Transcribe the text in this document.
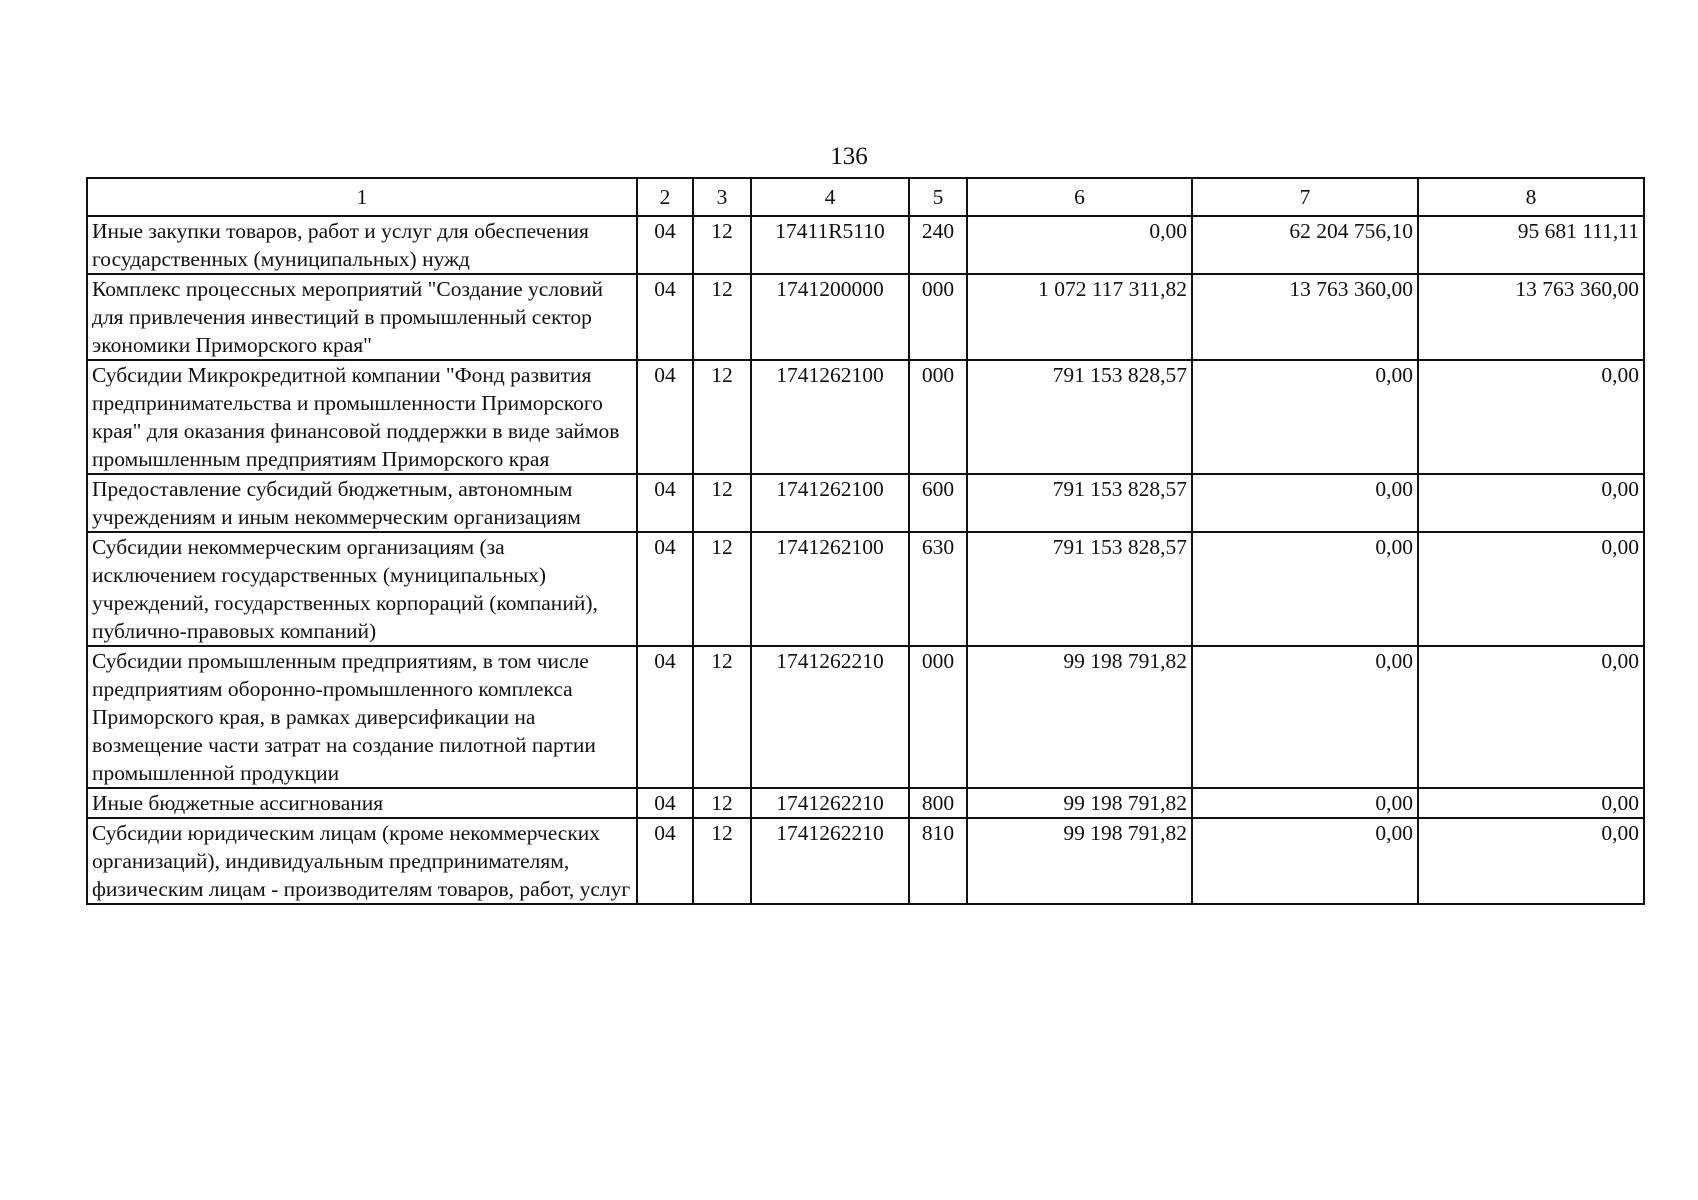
136
1	2	3	4	5	6	7	8
Иные закупки товаров, работ и услуг для обеспечения государственных (муниципальных) нужд	04	12	17411R5110	240	0,00	62 204 756,10	95 681 111,11
Комплекс процессных мероприятий "Создание условий для привлечения инвестиций в промышленный сектор экономики Приморского края"	04	12	1741200000	000	1 072 117 311,82	13 763 360,00	13 763 360,00
Субсидии Микрокредитной компании "Фонд развития предпринимательства и промышленности Приморского края" для оказания финансовой поддержки в виде займов промышленным предприятиям Приморского края	04	12	1741262100	000	791 153 828,57	0,00	0,00
Предоставление субсидий бюджетным, автономным учреждениям и иным некоммерческим организациям	04	12	1741262100	600	791 153 828,57	0,00	0,00
Субсидии некоммерческим организациям (за исключением государственных (муниципальных) учреждений, государственных корпораций (компаний), публично-правовых компаний)	04	12	1741262100	630	791 153 828,57	0,00	0,00
Субсидии промышленным предприятиям, в том числе предприятиям оборонно-промышленного комплекса Приморского края, в рамках диверсификации на возмещение части затрат на создание пилотной партии промышленной продукции	04	12	1741262210	000	99 198 791,82	0,00	0,00
Иные бюджетные ассигнования	04	12	1741262210	800	99 198 791,82	0,00	0,00
Субсидии юридическим лицам (кроме некоммерческих организаций), индивидуальным предпринимателям, физическим лицам - производителям товаров, работ, услуг	04	12	1741262210	810	99 198 791,82	0,00	0,00
